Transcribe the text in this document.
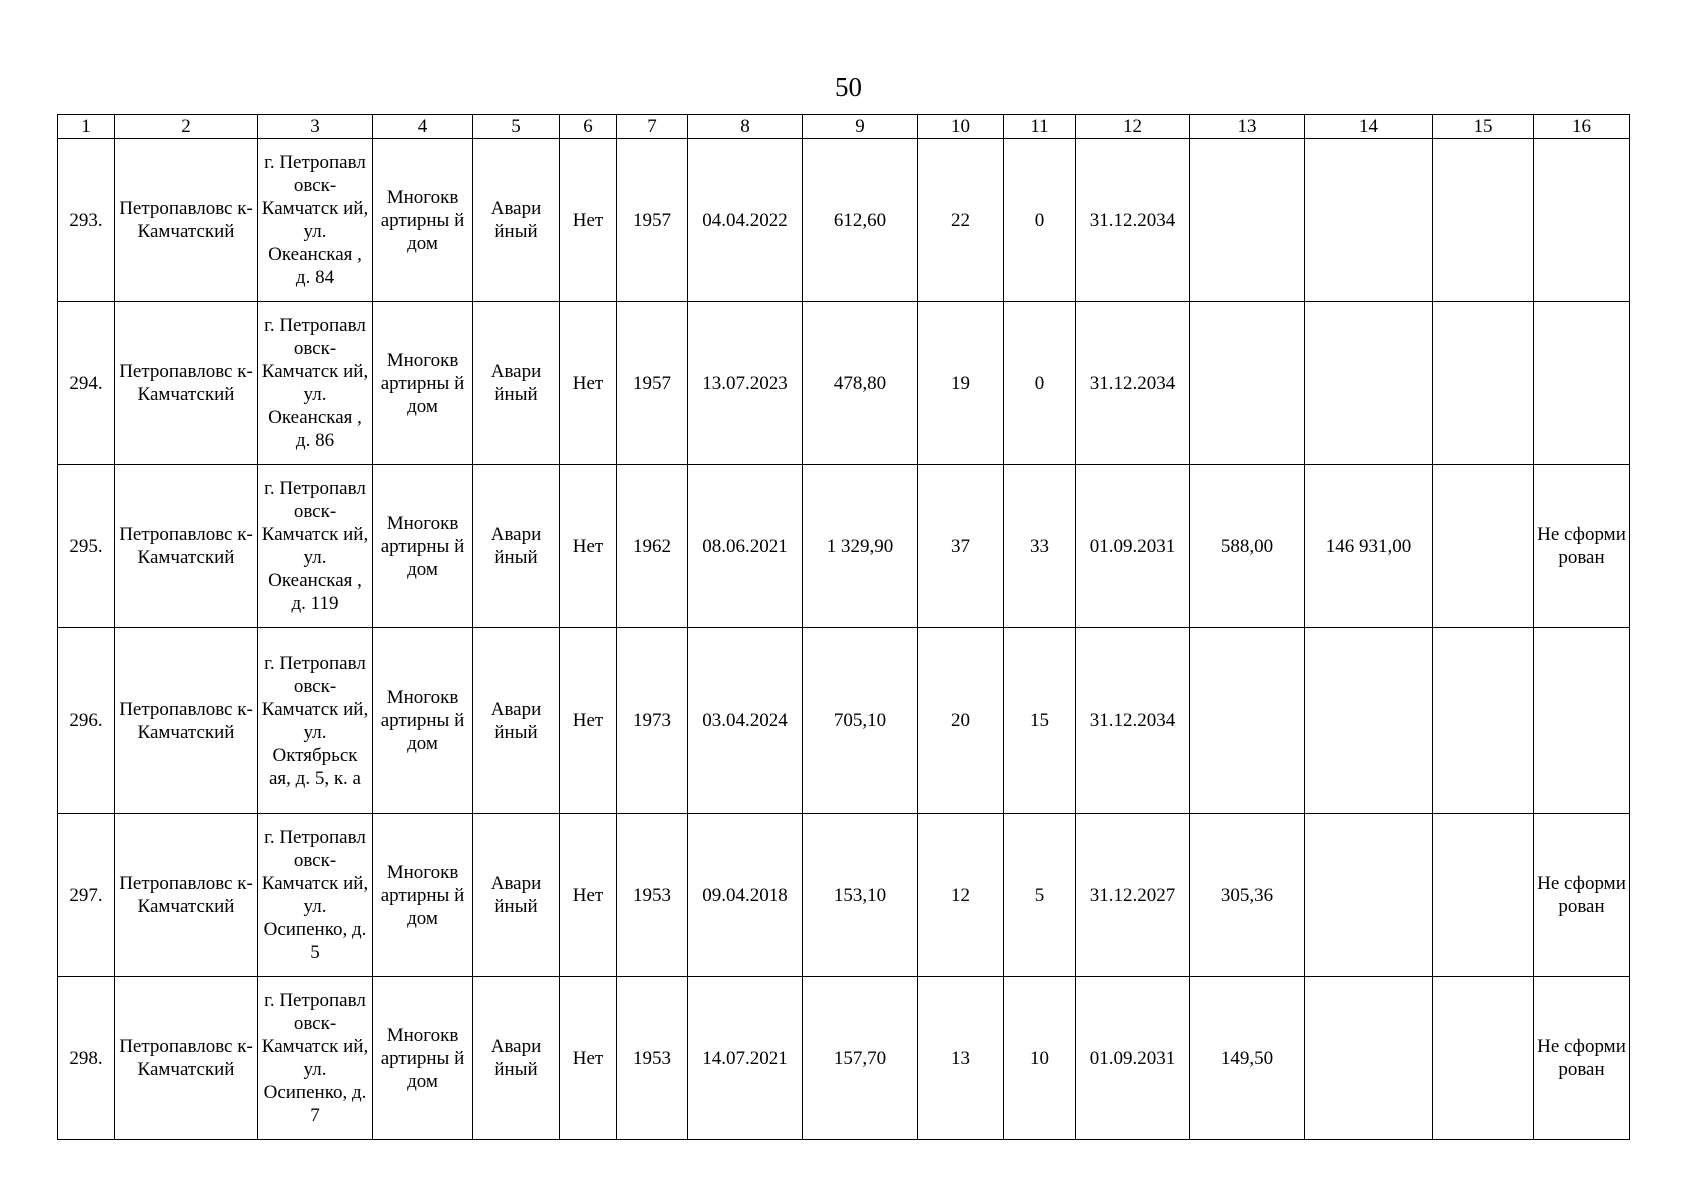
50
1	2	3	4	5	6	7	8	9	10	11	12	13	14	15	16
293.	Петропавловс к-Камчатский	г. Петропавл овск-Камчатск ий, ул. Океанская , д. 84	Многокв артирны й дом	Авари йный	Нет	1957	04.04.2022	612,60	22	0	31.12.2034				
294.	Петропавловс к-Камчатский	г. Петропавл овск-Камчатск ий, ул. Океанская , д. 86	Многокв артирны й дом	Авари йный	Нет	1957	13.07.2023	478,80	19	0	31.12.2034				
295.	Петропавловс к-Камчатский	г. Петропавл овск-Камчатск ий, ул. Океанская , д. 119	Многокв артирны й дом	Авари йный	Нет	1962	08.06.2021	1 329,90	37	33	01.09.2031	588,00	146 931,00		Не сформи рован
296.	Петропавловс к-Камчатский	г. Петропавл овск-Камчатск ий, ул. Октябрьск ая, д. 5, к. а	Многокв артирны й дом	Авари йный	Нет	1973	03.04.2024	705,10	20	15	31.12.2034				
297.	Петропавловс к-Камчатский	г. Петропавл овск-Камчатск ий, ул. Осипенко, д. 5	Многокв артирны й дом	Авари йный	Нет	1953	09.04.2018	153,10	12	5	31.12.2027	305,36			Не сформи рован
298.	Петропавловс к-Камчатский	г. Петропавл овск-Камчатск ий, ул. Осипенко, д. 7	Многокв артирны й дом	Авари йный	Нет	1953	14.07.2021	157,70	13	10	01.09.2031	149,50			Не сформи рован
